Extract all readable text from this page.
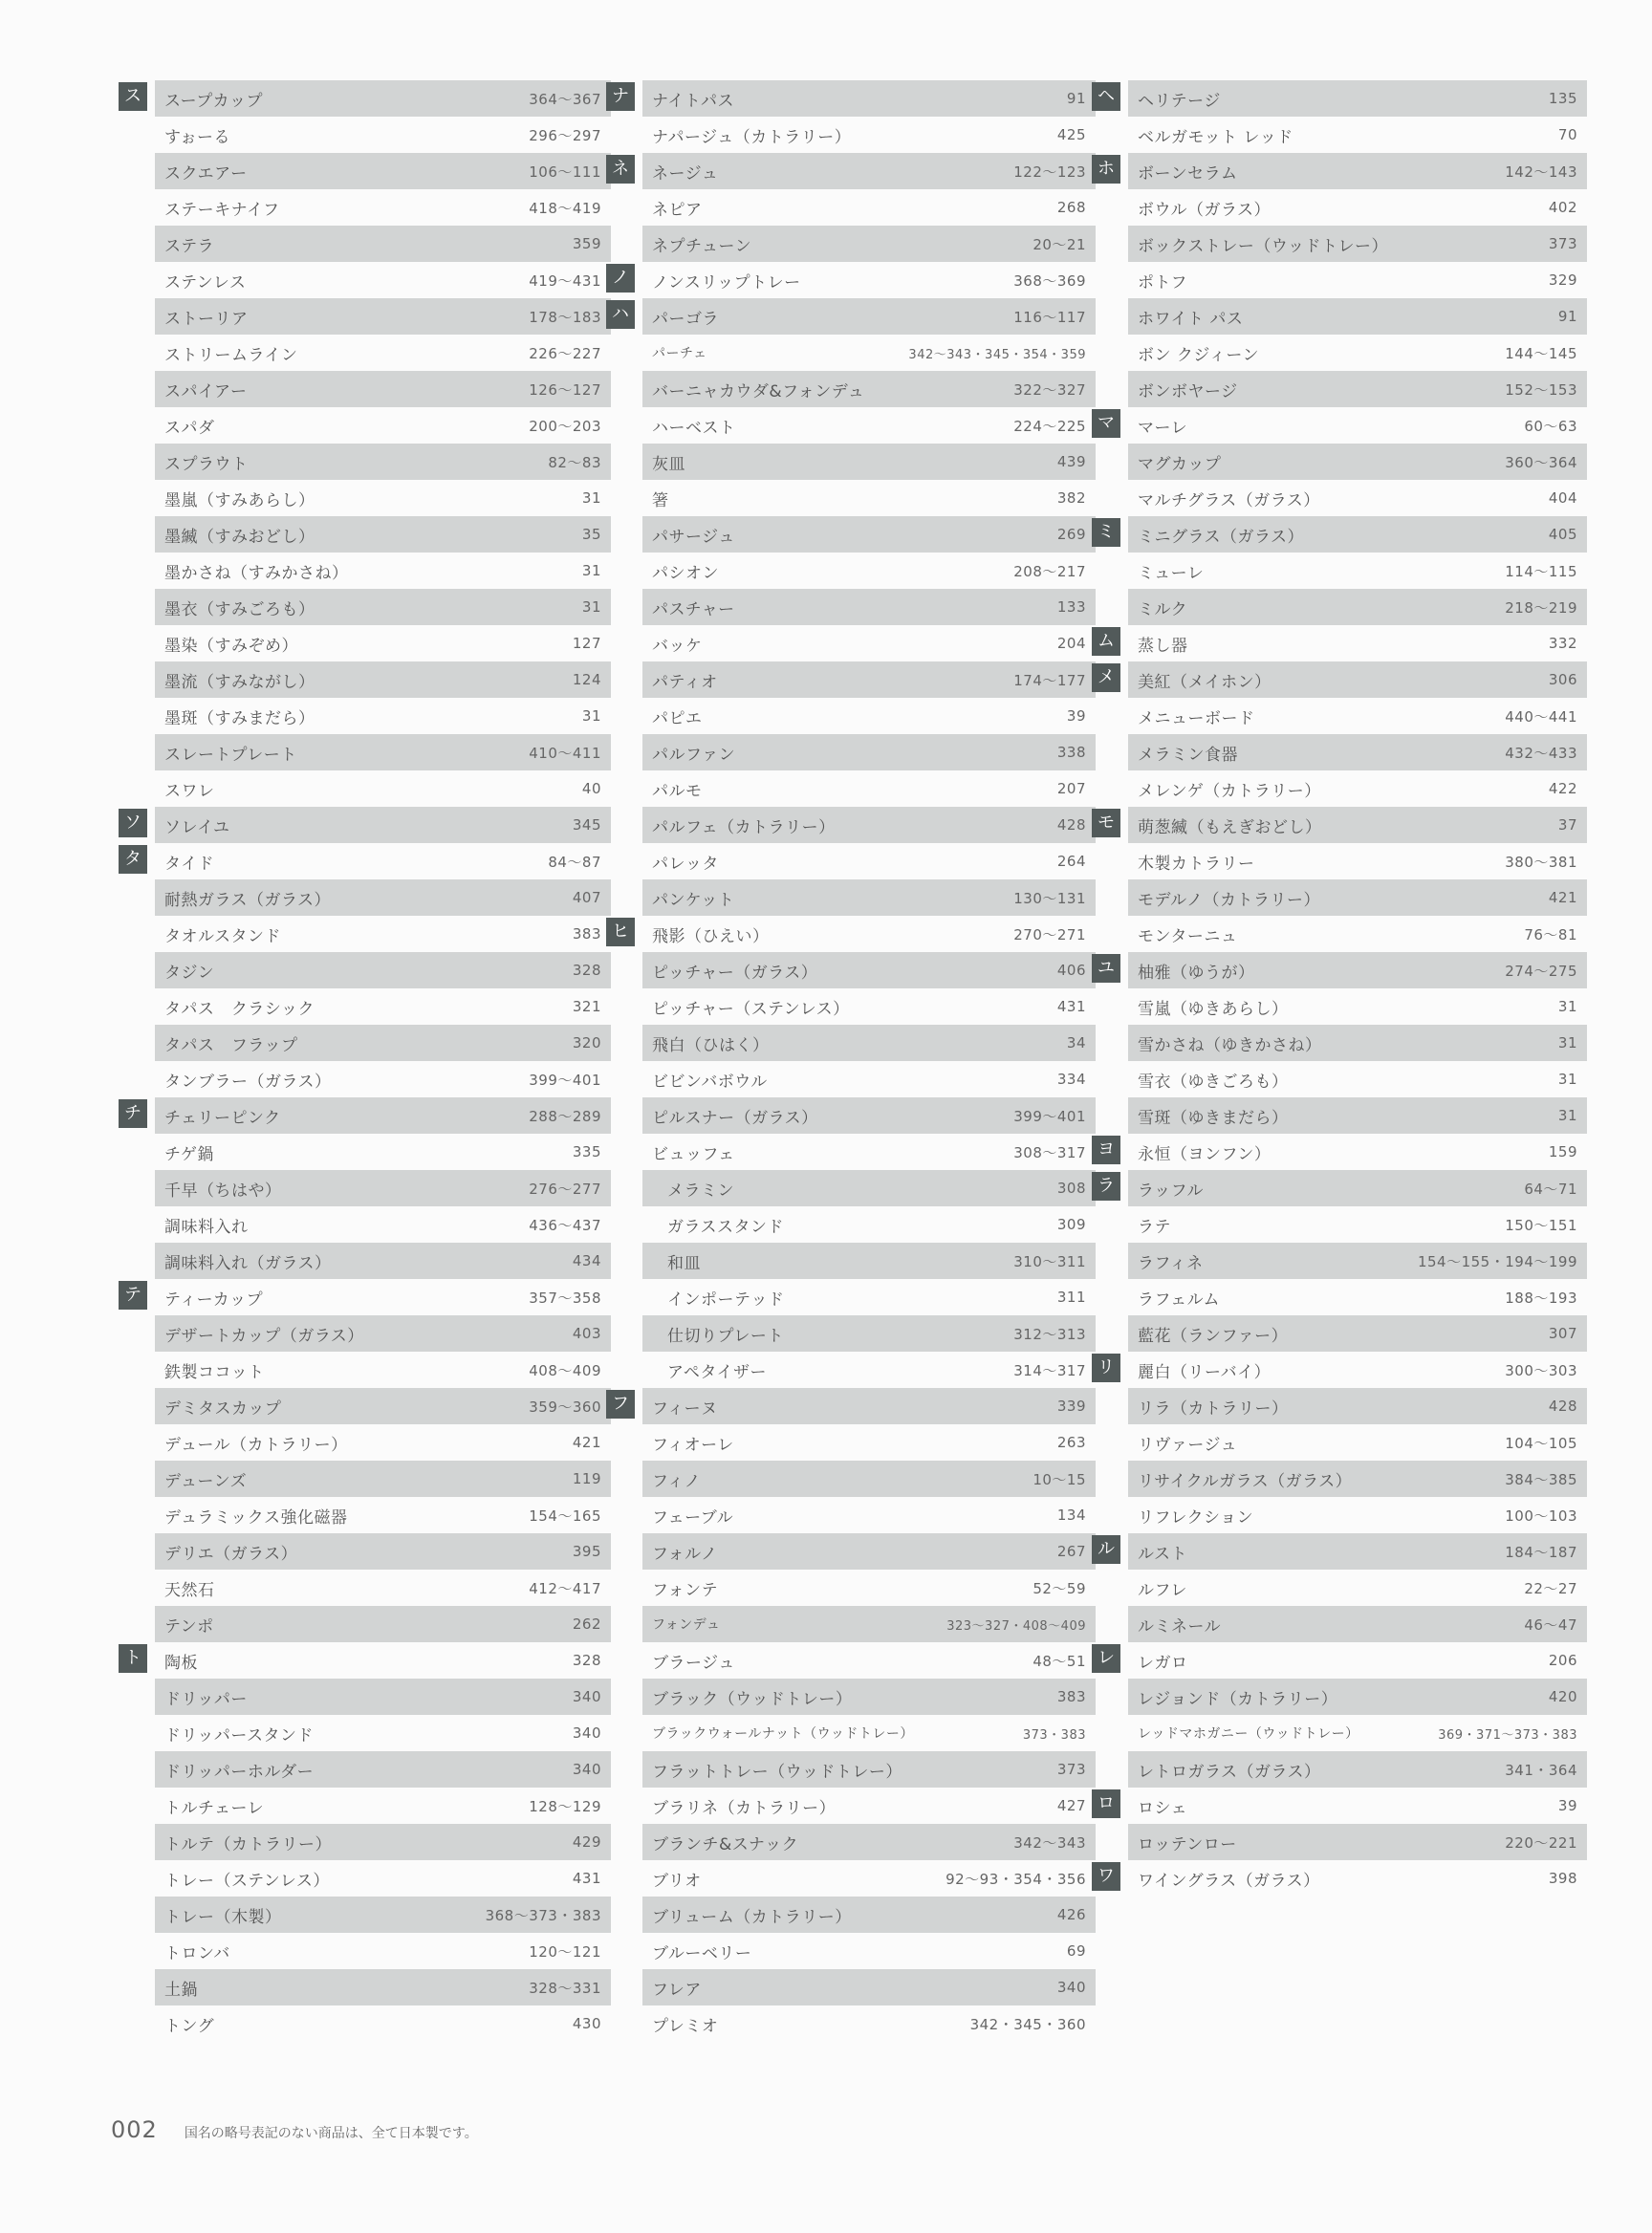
ス	スープカップ	364～367
すぉーる	296～297
スクエアー	106～111
ステーキナイフ	418～419
ステラ	359
ステンレス	419～431
ストーリア	178～183
ストリームライン	226～227
スパイアー	126～127
スパダ	200～203
スプラウト	82～83
墨嵐（すみあらし）	31
墨縅（すみおどし）	35
墨かさね（すみかさね）	31
墨衣（すみごろも）	31
墨染（すみぞめ）	127
墨流（すみながし）	124
墨斑（すみまだら）	31
スレートプレート	410～411
スワレ	40
ソ	ソレイユ	345
タ	タイド	84～87
耐熱ガラス（ガラス）	407
タオルスタンド	383
タジン	328
タパス　クラシック	321
タパス　フラップ	320
タンブラー（ガラス）	399～401
チ	チェリーピンク	288～289
チゲ鍋	335
千早（ちはや）	276～277
調味料入れ	436～437
調味料入れ（ガラス）	434
テ	ティーカップ	357～358
デザートカップ（ガラス）	403
鉄製ココット	408～409
デミタスカップ	359～360
デュール（カトラリー）	421
デューンズ	119
デュラミックス強化磁器	154～165
デリエ（ガラス）	395
天然石	412～417
テンポ	262
ト	陶板	328
ドリッパー	340
ドリッパースタンド	340
ドリッパーホルダー	340
トルチェーレ	128～129
トルテ（カトラリー）	429
トレー（ステンレス）	431
トレー（木製）	368～373・383
トロンバ	120～121
土鍋	328～331
トング	430
ナ	ナイトパス	91
ナパージュ（カトラリー）	425
ネ	ネージュ	122～123
ネピア	268
ネプチューン	20～21
ノ	ノンスリップトレー	368～369
ハ	パーゴラ	116～117
パーチェ	342～343・345・354・359
バーニャカウダ&フォンデュ	322～327
ハーベスト	224～225
灰皿	439
箸	382
パサージュ	269
パシオン	208～217
パスチャー	133
バッケ	204
パティオ	174～177
パピエ	39
パルファン	338
パルモ	207
パルフェ（カトラリー）	428
パレッタ	264
パンケット	130～131
ヒ	飛影（ひえい）	270～271
ピッチャー（ガラス）	406
ピッチャー（ステンレス）	431
飛白（ひはく）	34
ビビンバボウル	334
ピルスナー（ガラス）	399～401
ビュッフェ	308～317
メラミン	308
ガラススタンド	309
和皿	310～311
インポーテッド	311
仕切りプレート	312～313
アペタイザー	314～317
フ	フィーヌ	339
フィオーレ	263
フィノ	10～15
フェーブル	134
フォルノ	267
フォンテ	52～59
フォンデュ	323～327・408～409
ブラージュ	48～51
ブラック（ウッドトレー）	383
ブラックウォールナット（ウッドトレー）	373・383
フラットトレー（ウッドトレー）	373
ブラリネ（カトラリー）	427
ブランチ&スナック	342～343
ブリオ	92～93・354・356
ブリューム（カトラリー）	426
ブルーベリー	69
フレア	340
プレミオ	342・345・360
ヘ	ヘリテージ	135
ベルガモット レッド	70
ホ	ボーンセラム	142～143
ボウル（ガラス）	402
ボックストレー（ウッドトレー）	373
ポトフ	329
ホワイト パス	91
ボン クジィーン	144～145
ボンボヤージ	152～153
マ	マーレ	60～63
マグカップ	360～364
マルチグラス（ガラス）	404
ミ	ミニグラス（ガラス）	405
ミューレ	114～115
ミルク	218～219
ム	蒸し器	332
メ	美紅（メイホン）	306
メニューボード	440～441
メラミン食器	432～433
メレンゲ（カトラリー）	422
モ	萌葱縅（もえぎおどし）	37
木製カトラリー	380～381
モデルノ（カトラリー）	421
モンターニュ	76～81
ユ	柚雅（ゆうが）	274～275
雪嵐（ゆきあらし）	31
雪かさね（ゆきかさね）	31
雪衣（ゆきごろも）	31
雪斑（ゆきまだら）	31
ヨ	永恒（ヨンフン）	159
ラ	ラッフル	64～71
ラテ	150～151
ラフィネ	154～155・194～199
ラフェルム	188～193
藍花（ランファー）	307
リ	麗白（リーバイ）	300～303
リラ（カトラリー）	428
リヴァージュ	104～105
リサイクルガラス（ガラス）	384～385
リフレクション	100～103
ル	ルスト	184～187
ルフレ	22～27
ルミネール	46～47
レ	レガロ	206
レジョンド（カトラリー）	420
レッドマホガニー（ウッドトレー）	369・371～373・383
レトロガラス（ガラス）	341・364
ロ	ロシェ	39
ロッテンロー	220～221
ワ	ワイングラス（ガラス）	398
002 国名の略号表記のない商品は、全て日本製です。
